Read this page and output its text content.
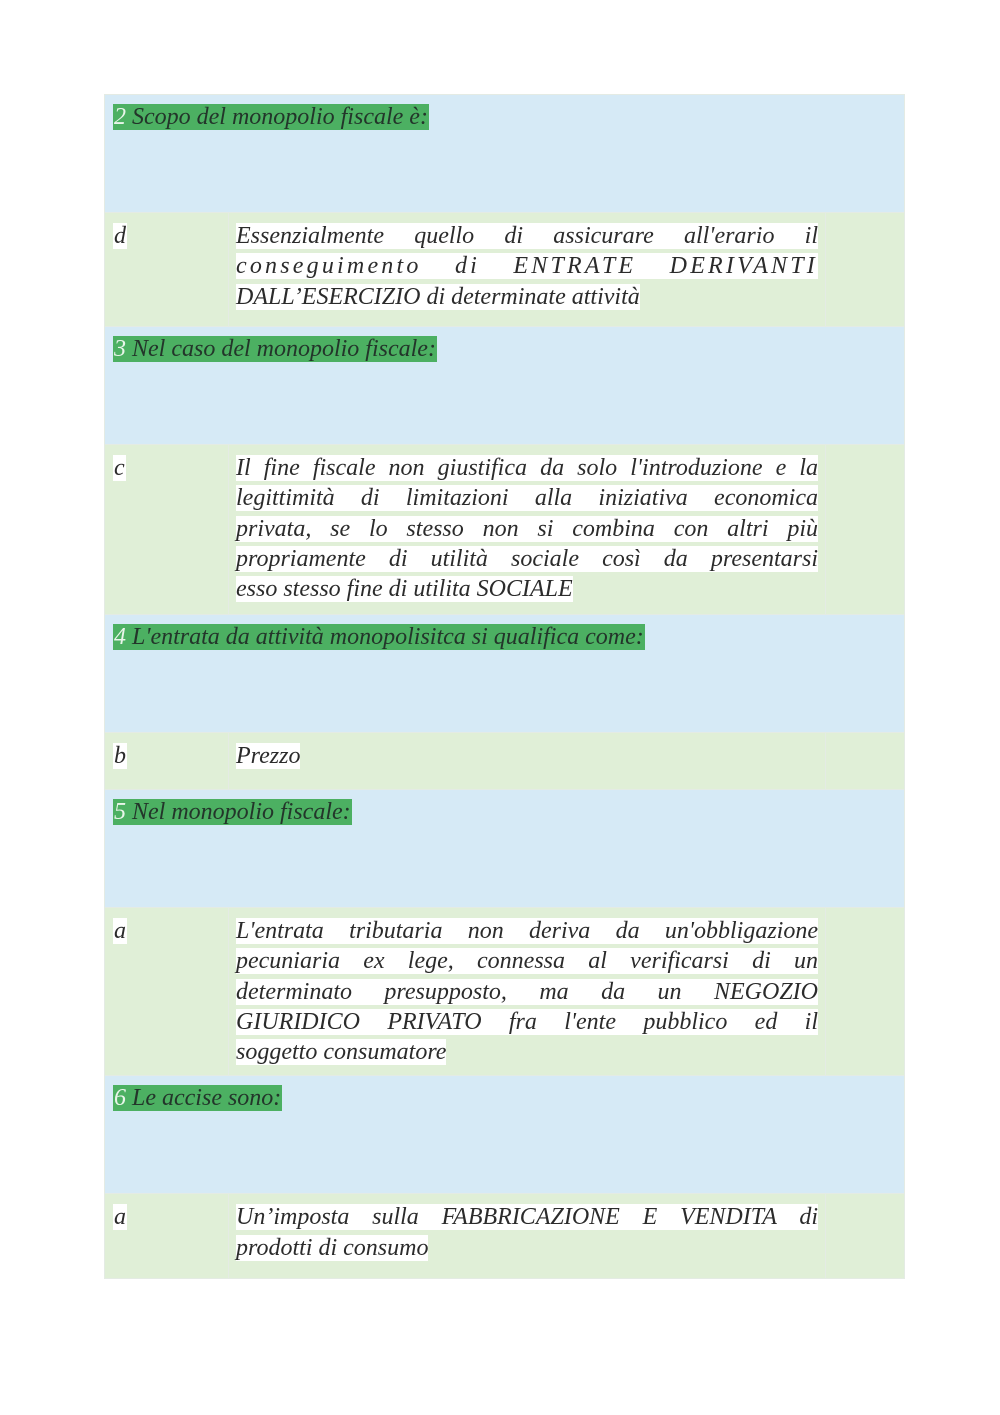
2 Scopo del monopolio fiscale è:		
d	Essenzialmente quello di assicurare all'erario il
conseguimento di ENTRATE DERIVANTI
DALL’ESERCIZIO di determinate attività	

3 Nel caso del monopolio fiscale:		
c	Il fine fiscale non giustifica da solo l'introduzione e la
legittimità di limitazioni alla iniziativa economica
privata, se lo stesso non si combina con altri più
propriamente di utilità sociale così da presentarsi
esso stesso fine di utilita SOCIALE	

4 L'entrata da attività monopolisitca si qualifica come:		
b	Prezzo	

5 Nel monopolio fiscale:		
a	L'entrata tributaria non deriva da un'obbligazione
pecuniaria ex lege, connessa al verificarsi di un
determinato presupposto, ma da un NEGOZIO
GIURIDICO PRIVATO fra l'ente pubblico ed il
soggetto consumatore	

6 Le accise sono:		
a	Un’imposta sulla FABBRICAZIONE E VENDITA di
prodotti di consumo	
